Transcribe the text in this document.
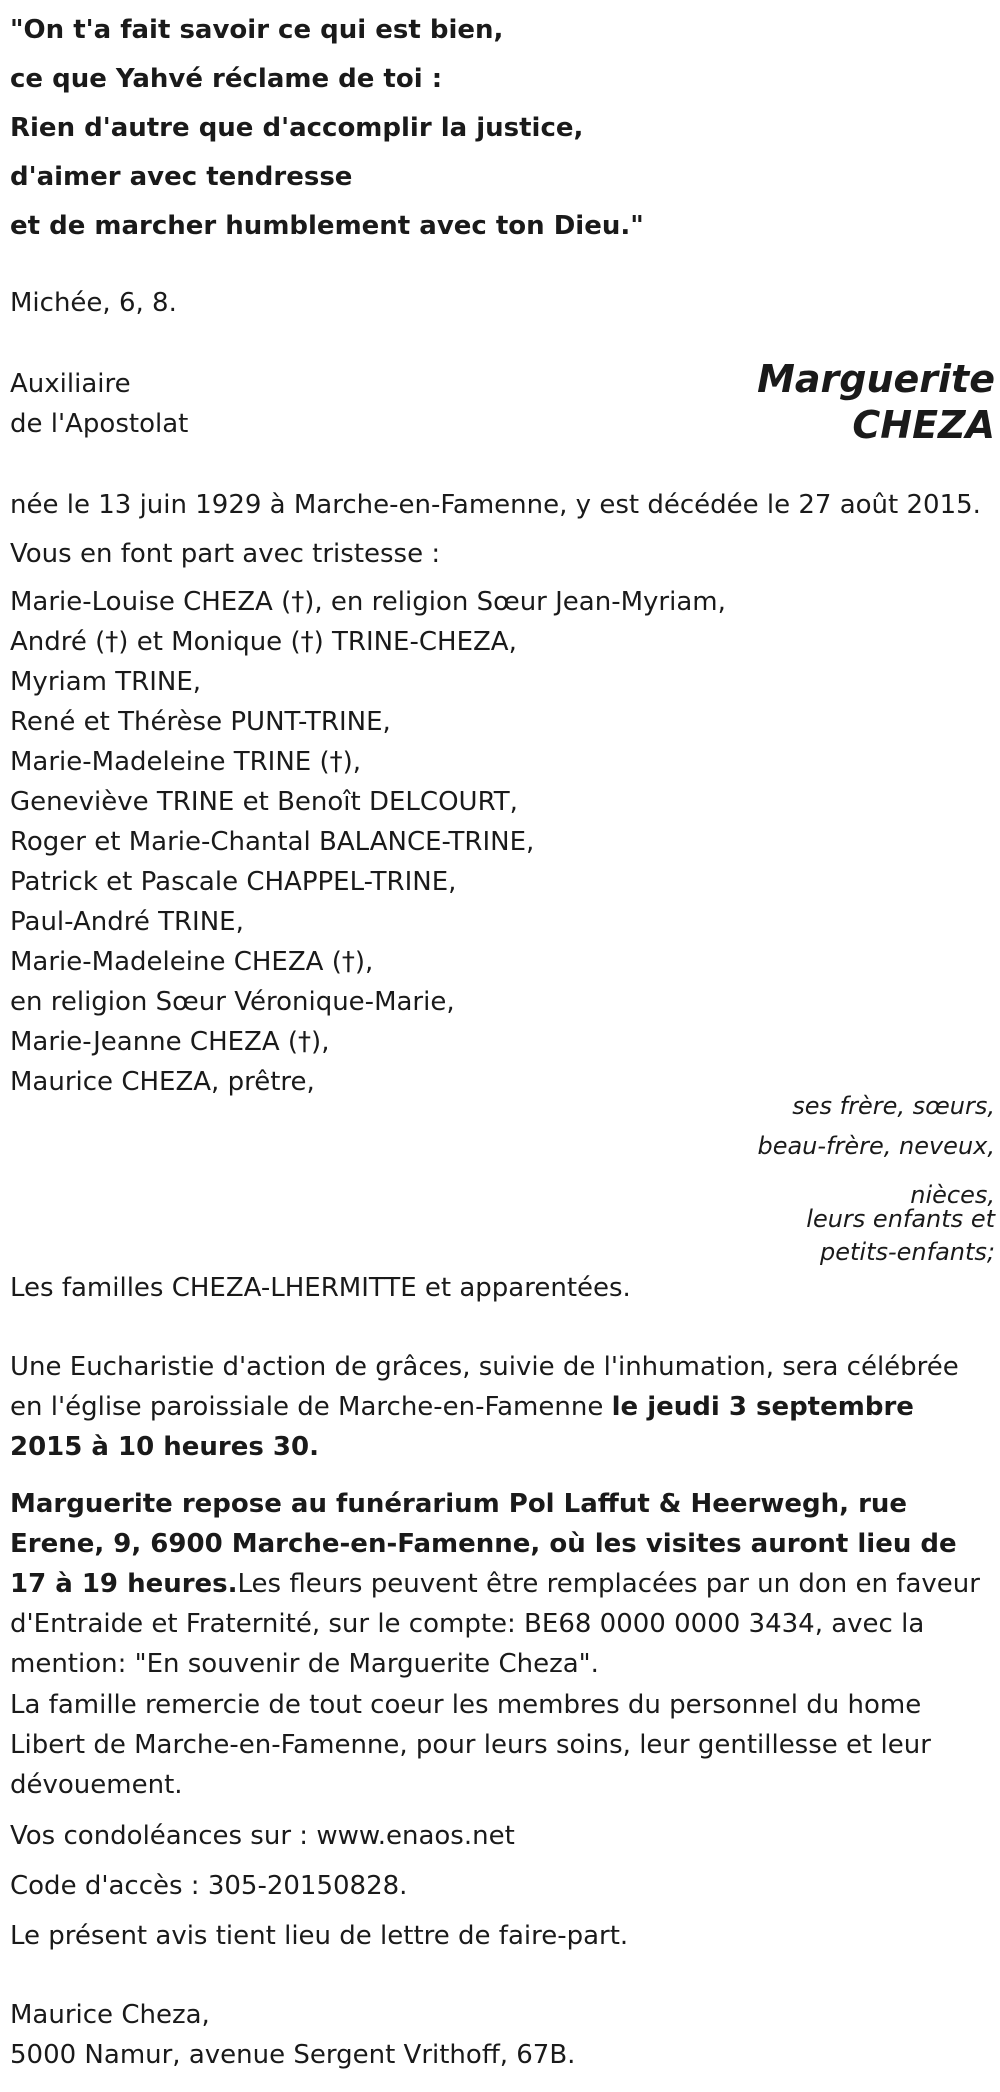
"On t'a fait savoir ce qui est bien,
ce que Yahvé réclame de toi :
Rien d'autre que d'accomplir la justice,
d'aimer avec tendresse
et de marcher humblement avec ton Dieu."
Michée, 6, 8.
Auxiliaire
de l'Apostolat
Marguerite
CHEZA
née le 13 juin 1929 à Marche-en-Famenne, y est décédée le 27 août 2015.
Vous en font part avec tristesse :
Marie-Louise CHEZA (†), en religion Sœur Jean-Myriam,
André (†) et Monique (†) TRINE-CHEZA,
Myriam TRINE,
René et Thérèse PUNT-TRINE,
Marie-Madeleine TRINE (†),
Geneviève TRINE et Benoît DELCOURT,
Roger et Marie-Chantal BALANCE-TRINE,
Patrick et Pascale CHAPPEL-TRINE,
Paul-André TRINE,
Marie-Madeleine CHEZA (†),
en religion Sœur Véronique-Marie,
Marie-Jeanne CHEZA (†),
Maurice CHEZA, prêtre,
ses frère, sœurs,
beau-frère, neveux,
nièces,
leurs enfants et
petits-enfants;
Les familles CHEZA-LHERMITTE et apparentées.
Une Eucharistie d'action de grâces, suivie de l'inhumation, sera célébrée en l'église paroissiale de Marche-en-Famenne le jeudi 3 septembre 2015 à 10 heures 30.
Marguerite repose au funérarium Pol Laffut & Heerwegh, rue Erene, 9, 6900 Marche-en-Famenne, où les visites auront lieu de 17 à 19 heures.Les fleurs peuvent être remplacées par un don en faveur d'Entraide et Fraternité, sur le compte: BE68 0000 0000 3434, avec la mention: "En souvenir de Marguerite Cheza".
La famille remercie de tout coeur les membres du personnel du home Libert de Marche-en-Famenne, pour leurs soins, leur gentillesse et leur dévouement.
Vos condoléances sur : www.enaos.net
Code d'accès : 305-20150828.
Le présent avis tient lieu de lettre de faire-part.
Maurice Cheza,
5000 Namur, avenue Sergent Vrithoff, 67B.
